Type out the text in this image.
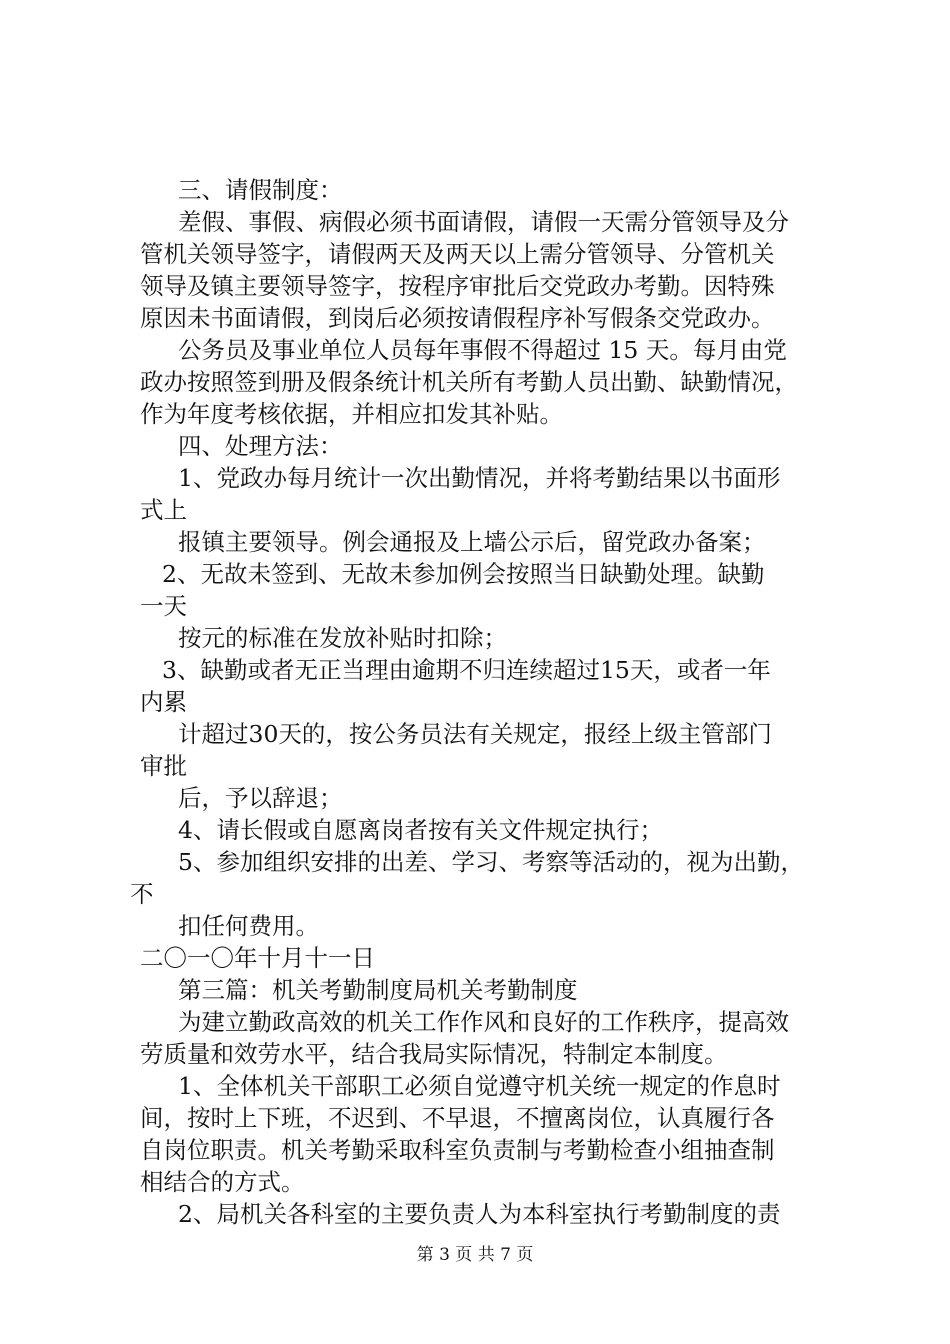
三、请假制度：

差假、事假、病假必须书面请假，请假一天需分管领导及分

管机关领导签字，请假两天及两天以上需分管领导、分管机关

领导及镇主要领导签字，按程序审批后交党政办考勤。因特殊

原因未书面请假，到岗后必须按请假程序补写假条交党政办。

公务员及事业单位人员每年事假不得超过 15 天。每月由党

政办按照签到册及假条统计机关所有考勤人员出勤、缺勤情况，

作为年度考核依据，并相应扣发其补贴。

四、处理方法：

1、党政办每月统计一次出勤情况，并将考勤结果以书面形

式上

报镇主要领导。例会通报及上墙公示后，留党政办备案；

2、无故未签到、无故未参加例会按照当日缺勤处理。缺勤

一天

按元的标准在发放补贴时扣除；

3、缺勤或者无正当理由逾期不归连续超过15天，或者一年

内累

计超过30天的，按公务员法有关规定，报经上级主管部门

审批

后，予以辞退；

4、请长假或自愿离岗者按有关文件规定执行；

5、参加组织安排的出差、学习、考察等活动的，视为出勤，

不

扣任何费用。

二〇一〇年十月十一日

第三篇：机关考勤制度局机关考勤制度

为建立勤政高效的机关工作作风和良好的工作秩序，提高效

劳质量和效劳水平，结合我局实际情况，特制定本制度。

1、全体机关干部职工必须自觉遵守机关统一规定的作息时

间，按时上下班，不迟到、不早退，不擅离岗位，认真履行各

自岗位职责。机关考勤采取科室负责制与考勤检查小组抽查制

相结合的方式。

2、局机关各科室的主要负责人为本科室执行考勤制度的责

第 3 页 共 7 页
